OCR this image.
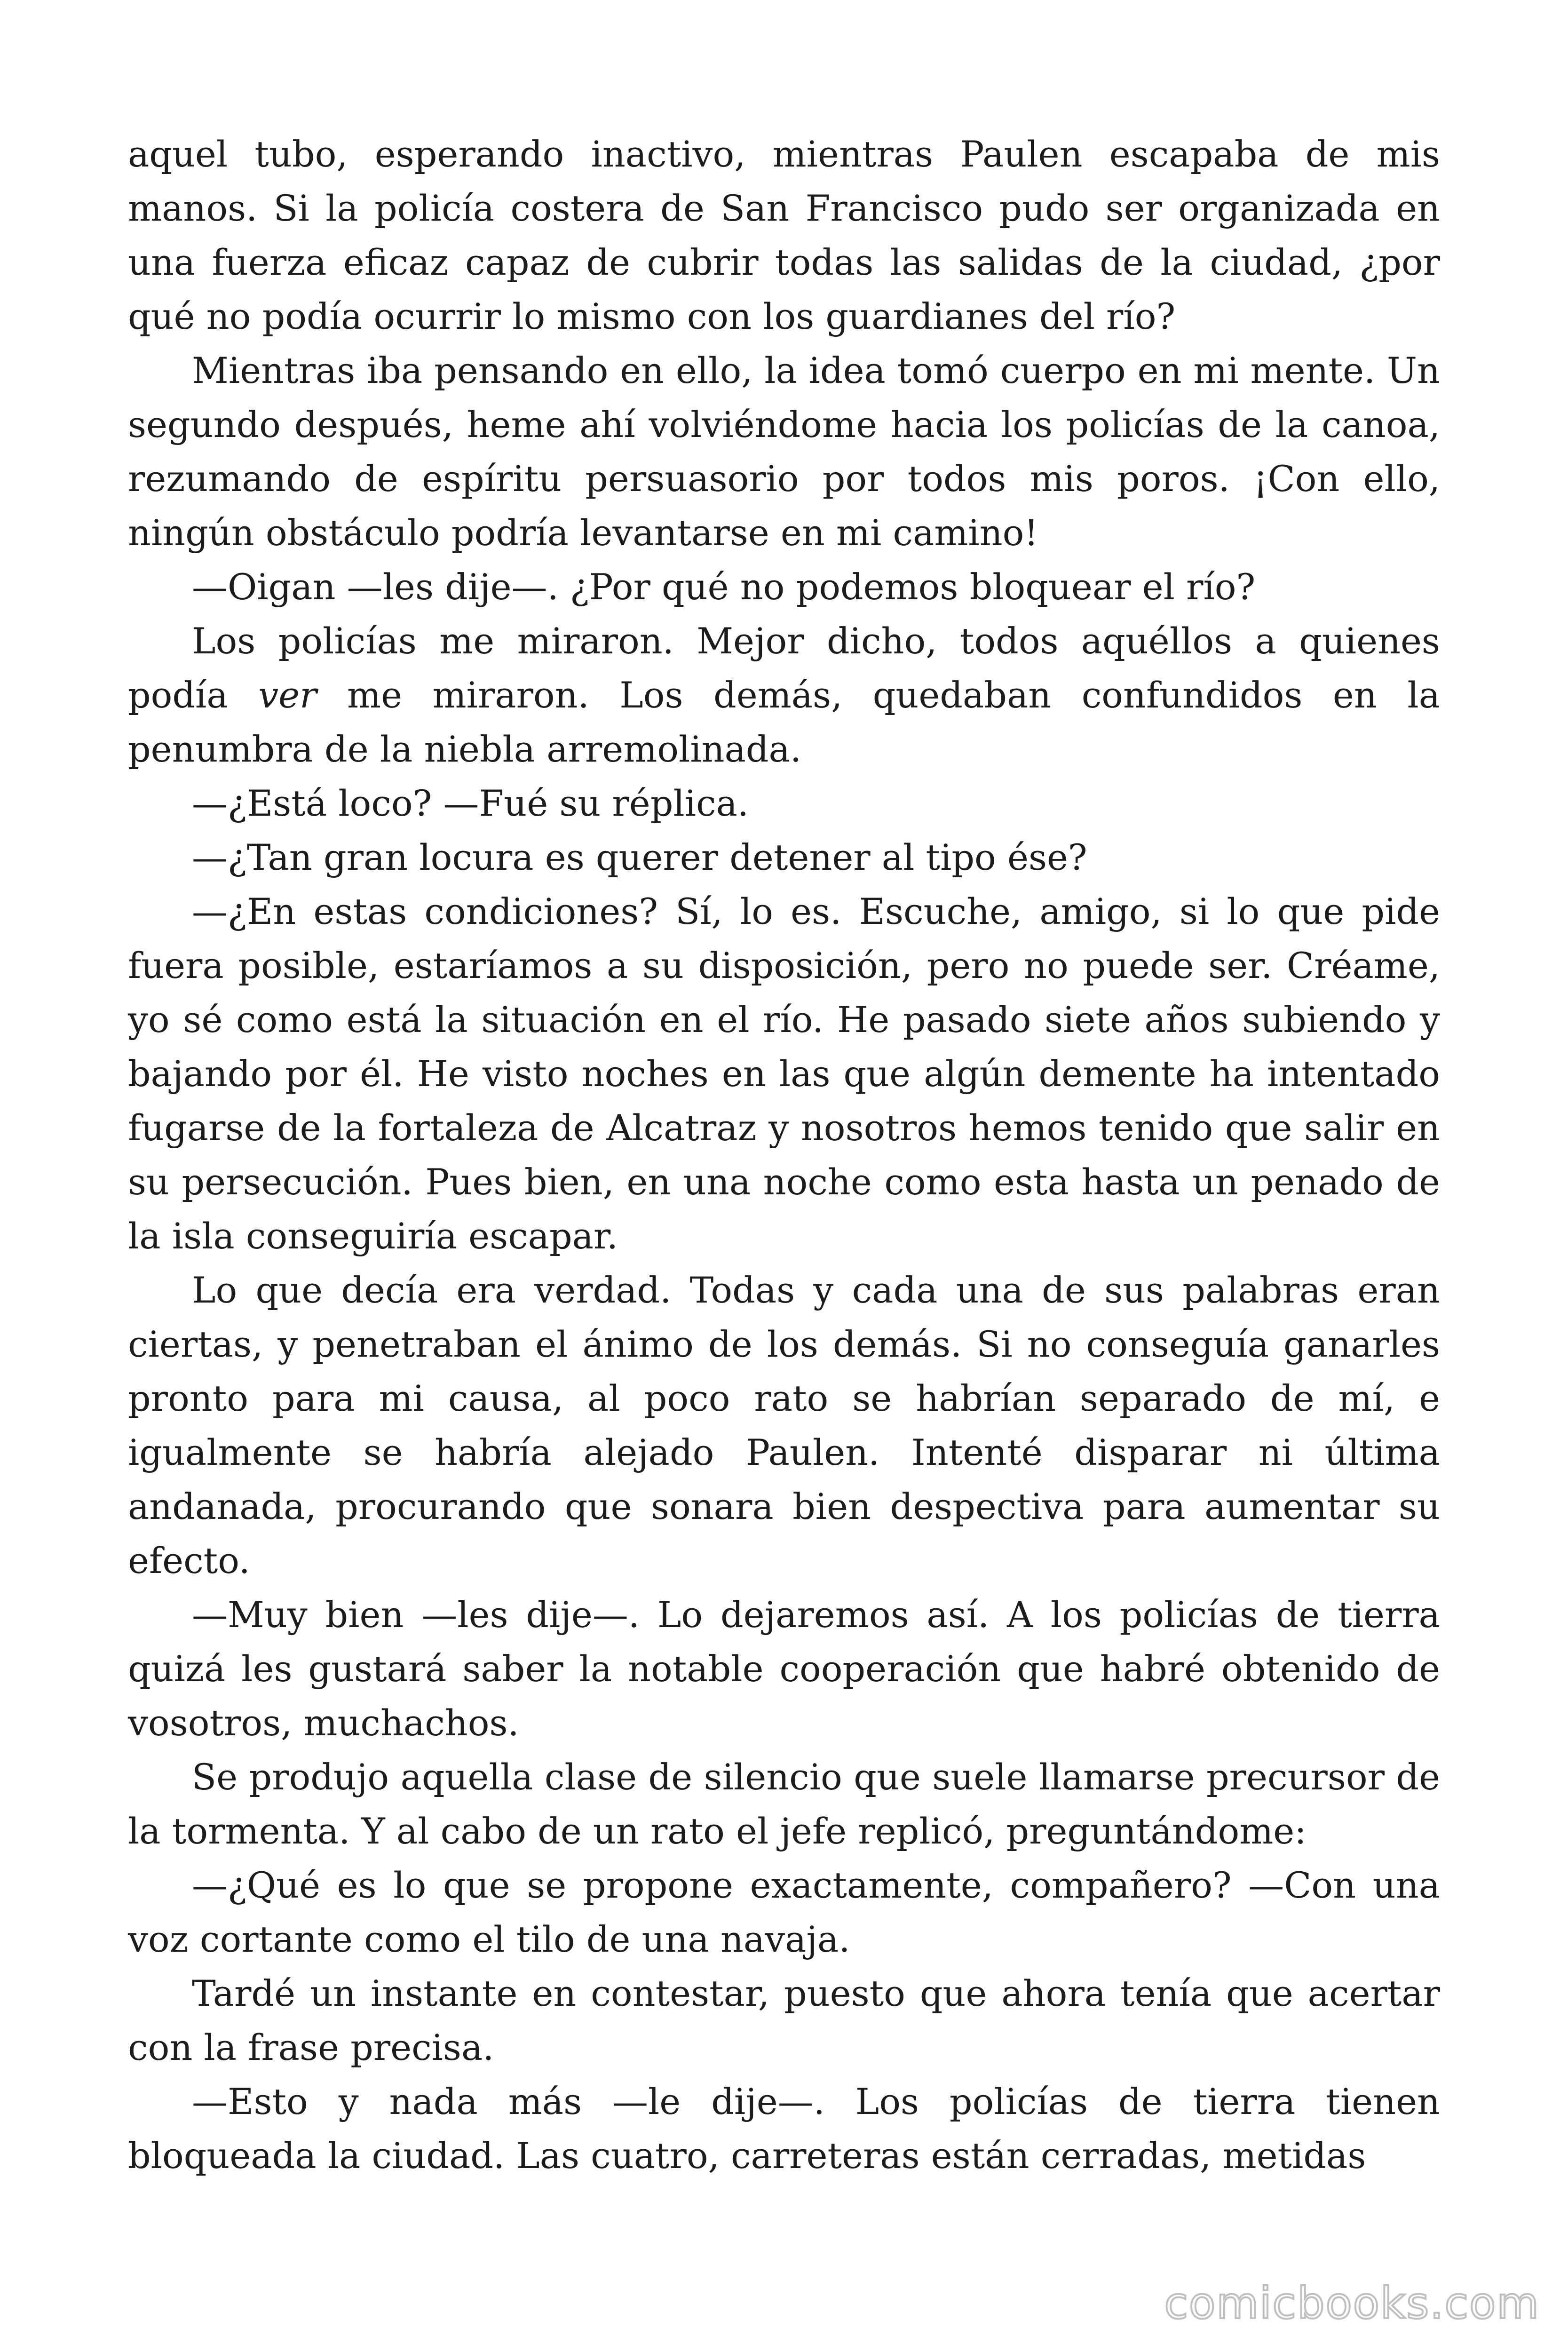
aquel tubo, esperando inactivo, mientras Paulen escapaba de mis manos. Si la policía costera de San Francisco pudo ser organizada en una fuerza eficaz capaz de cubrir todas las salidas de la ciudad, ¿por qué no podía ocurrir lo mismo con los guardianes del río?

Mientras iba pensando en ello, la idea tomó cuerpo en mi mente. Un segundo después, heme ahí volviéndome hacia los policías de la canoa, rezumando de espíritu persuasorio por todos mis poros. ¡Con ello, ningún obstáculo podría levantarse en mi camino!

—Oigan —les dije—. ¿Por qué no podemos bloquear el río?

Los policías me miraron. Mejor dicho, todos aquéllos a quienes podía ver me miraron. Los demás, quedaban confundidos en la penumbra de la niebla arremolinada.

—¿Está loco? —Fué su réplica.

—¿Tan gran locura es querer detener al tipo ése?

—¿En estas condiciones? Sí, lo es. Escuche, amigo, si lo que pide fuera posible, estaríamos a su disposición, pero no puede ser. Créame, yo sé como está la situación en el río. He pasado siete años subiendo y bajando por él. He visto noches en las que algún demente ha intentado fugarse de la fortaleza de Alcatraz y nosotros hemos tenido que salir en su persecución. Pues bien, en una noche como esta hasta un penado de la isla conseguiría escapar.

Lo que decía era verdad. Todas y cada una de sus palabras eran ciertas, y penetraban el ánimo de los demás. Si no conseguía ganarles pronto para mi causa, al poco rato se habrían separado de mí, e igualmente se habría alejado Paulen. Intenté disparar ni última andanada, procurando que sonara bien despectiva para aumentar su efecto.

—Muy bien —les dije—. Lo dejaremos así. A los policías de tierra quizá les gustará saber la notable cooperación que habré obtenido de vosotros, muchachos.

Se produjo aquella clase de silencio que suele llamarse precursor de la tormenta. Y al cabo de un rato el jefe replicó, preguntándome:

—¿Qué es lo que se propone exactamente, compañero? —Con una voz cortante como el tilo de una navaja.

Tardé un instante en contestar, puesto que ahora tenía que acertar con la frase precisa.

—Esto y nada más —le dije—. Los policías de tierra tienen bloqueada la ciudad. Las cuatro, carreteras están cerradas, metidas

comicbooks.com
